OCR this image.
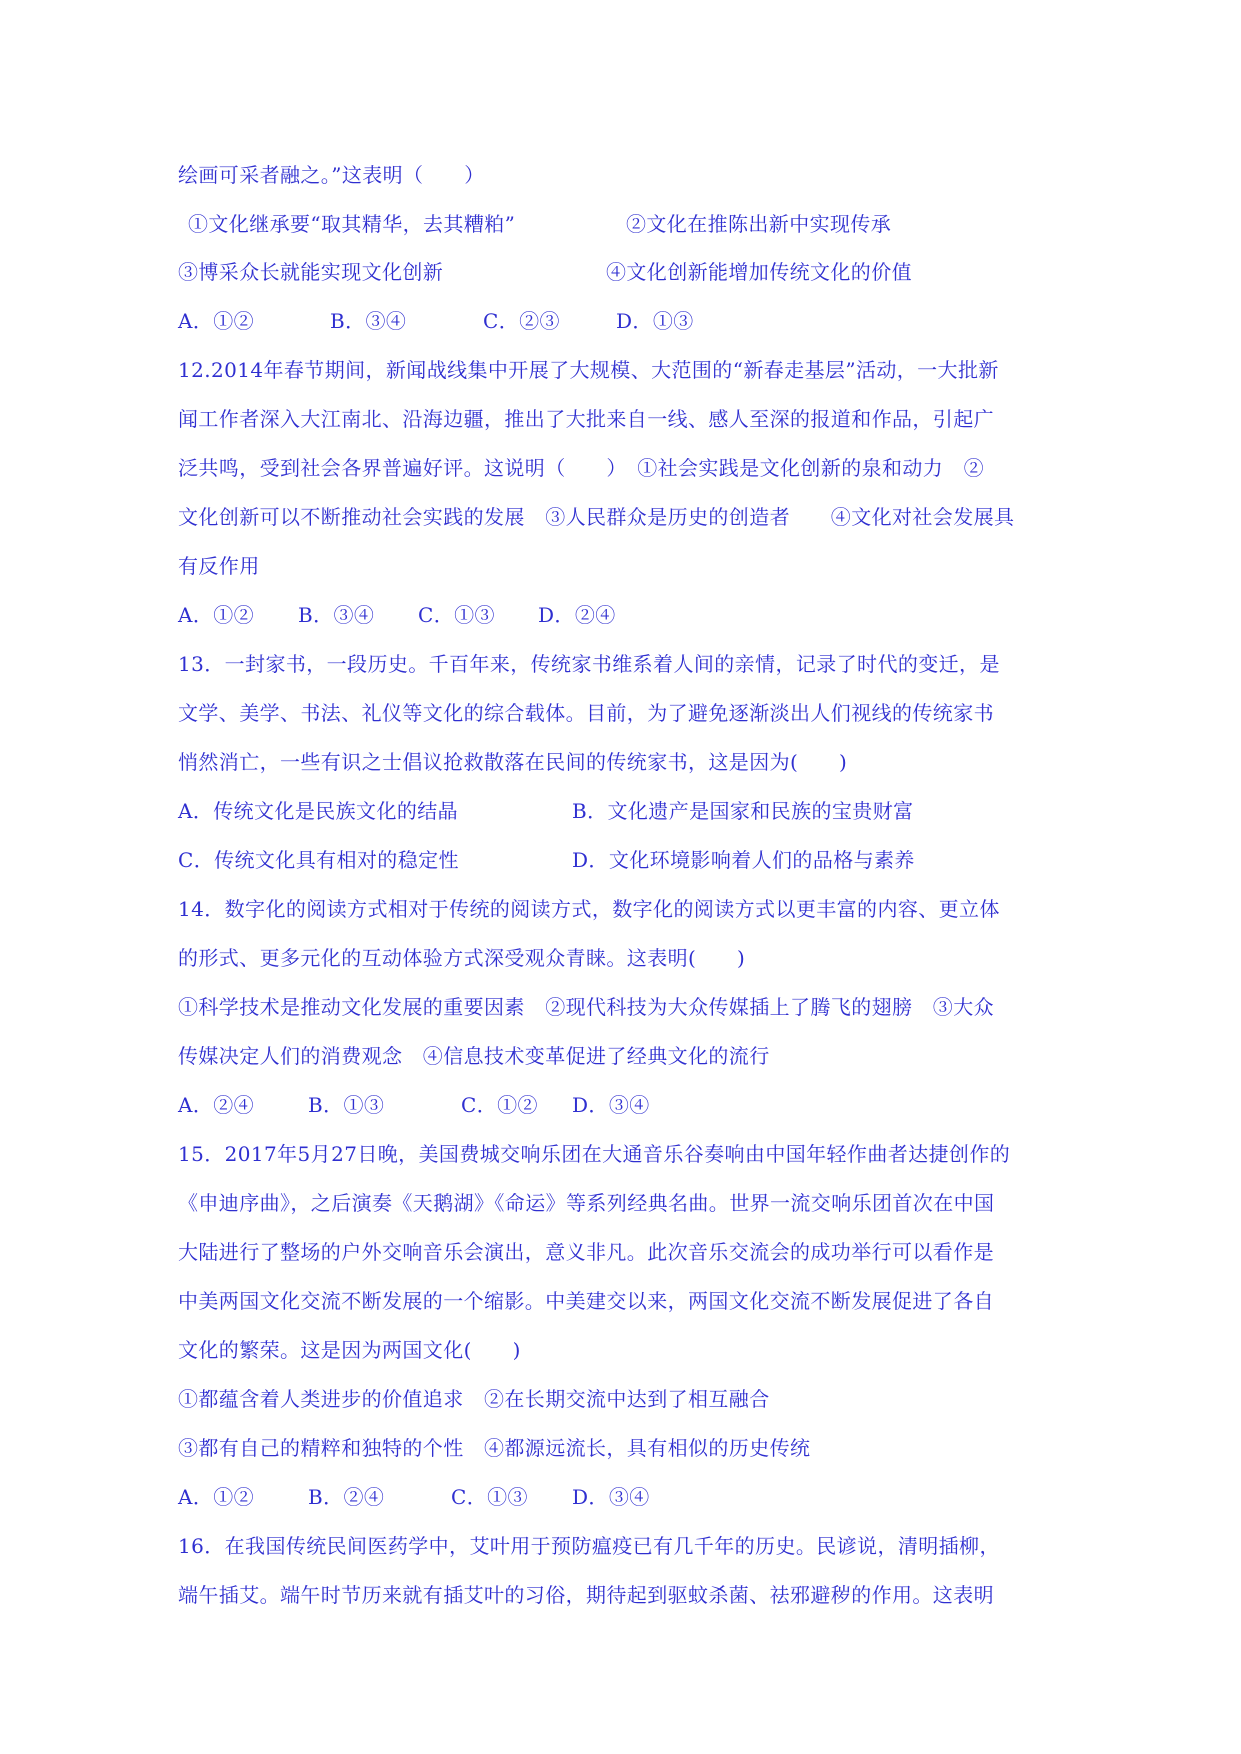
绘画可采者融之。”这表明（　　）
①文化继承要“取其精华，去其糟粕”	②文化在推陈出新中实现传承
③博采众长就能实现文化创新	④文化创新能增加传统文化的价值
A．①②	B．③④	C．②③	D．①③
12.2014年春节期间，新闻战线集中开展了大规模、大范围的“新春走基层”活动，一大批新
闻工作者深入大江南北、沿海边疆，推出了大批来自一线、感人至深的报道和作品，引起广
泛共鸣，受到社会各界普遍好评。这说明（　　）　①社会实践是文化创新的泉和动力　②
文化创新可以不断推动社会实践的发展　③人民群众是历史的创造者　　④文化对社会发展具
有反作用
A．①② B．③④ C．①③ D．②④
13．一封家书，一段历史。千百年来，传统家书维系着人间的亲情，记录了时代的变迁，是
文学、美学、书法、礼仪等文化的综合载体。目前，为了避免逐渐淡出人们视线的传统家书
悄然消亡，一些有识之士倡议抢救散落在民间的传统家书，这是因为(　　)
A．传统文化是民族文化的结晶	B．文化遗产是国家和民族的宝贵财富
C．传统文化具有相对的稳定性	D．文化环境影响着人们的品格与素养
14．数字化的阅读方式相对于传统的阅读方式，数字化的阅读方式以更丰富的内容、更立体
的形式、更多元化的互动体验方式深受观众青睐。这表明(　　)
①科学技术是推动文化发展的重要因素　②现代科技为大众传媒插上了腾飞的翅膀　③大众
传媒决定人们的消费观念　④信息技术变革促进了经典文化的流行
A．②④	B．①③	C．①② D．③④
15．2017年5月27日晚，美国费城交响乐团在大通音乐谷奏响由中国年轻作曲者达捷创作的
《申迪序曲》，之后演奏《天鹅湖》《命运》等系列经典名曲。世界一流交响乐团首次在中国
大陆进行了整场的户外交响音乐会演出，意义非凡。此次音乐交流会的成功举行可以看作是
中美两国文化交流不断发展的一个缩影。中美建交以来，两国文化交流不断发展促进了各自
文化的繁荣。这是因为两国文化(　　)
①都蕴含着人类进步的价值追求　②在长期交流中达到了相互融合
③都有自己的精粹和独特的个性　④都源远流长，具有相似的历史传统
A．①②	B．②④	C．①③ D．③④
16．在我国传统民间医药学中，艾叶用于预防瘟疫已有几千年的历史。民谚说，清明插柳，
端午插艾。端午时节历来就有插艾叶的习俗，期待起到驱蚊杀菌、祛邪避秽的作用。这表明
